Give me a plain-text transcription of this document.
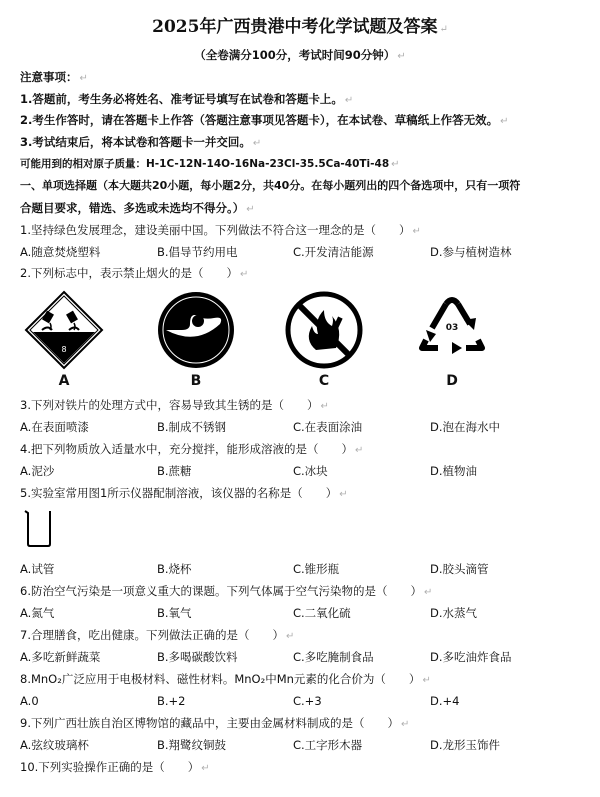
2025年广西贵港中考化学试题及答案 ↵
（全卷满分100分，考试时间90分钟） ↵
注意事项： ↵
1.答题前，考生务必将姓名、准考证号填写在试卷和答题卡上。 ↵
2.考生作答时，请在答题卡上作答（答题注意事项见答题卡），在本试卷、草稿纸上作答无效。 ↵
3.考试结束后，将本试卷和答题卡一并交回。 ↵
可能用到的相对原子质量：H-1C-12N-14O-16Na-23Cl-35.5Ca-40Ti-48 ↵
一、单项选择题（本大题共20小题，每小题2分，共40分。在每小题列出的四个备选项中，只有一项符
合题目要求，错选、多选或未选均不得分。） ↵
1.坚持绿色发展理念，建设美丽中国。下列做法不符合这一理念的是（　　） ↵
A.随意焚烧塑料	B.倡导节约用电	C.开发清洁能源	D.参与植树造林
2.下列标志中，表示禁止烟火的是（　　） ↵
8
A	B	C
03
D
3.下列对铁片的处理方式中，容易导致其生锈的是（　　） ↵
A.在表面喷漆	B.制成不锈钢	C.在表面涂油	D.泡在海水中
4.把下列物质放入适量水中，充分搅拌，能形成溶液的是（　　） ↵
A.泥沙	B.蔗糖	C.冰块	D.植物油
5.实验室常用图1所示仪器配制溶液，该仪器的名称是（　　） ↵
A.试管	B.烧杯	C.锥形瓶	D.胶头滴管
6.防治空气污染是一项意义重大的课题。下列气体属于空气污染物的是（　　） ↵
A.氮气	B.氧气	C.二氧化硫	D.水蒸气
7.合理膳食，吃出健康。下列做法正确的是（　　） ↵
A.多吃新鲜蔬菜	B.多喝碳酸饮料	C.多吃腌制食品	D.多吃油炸食品
8.MnO₂广泛应用于电极材料、磁性材料。MnO₂中Mn元素的化合价为（　　） ↵
A.0	B.+2	C.+3	D.+4
9.下列广西壮族自治区博物馆的藏品中，主要由金属材料制成的是（　　） ↵
A.弦纹玻璃杯	B.翔鹭纹铜鼓	C.工字形木器	D.龙形玉饰件
10.下列实验操作正确的是（　　） ↵
